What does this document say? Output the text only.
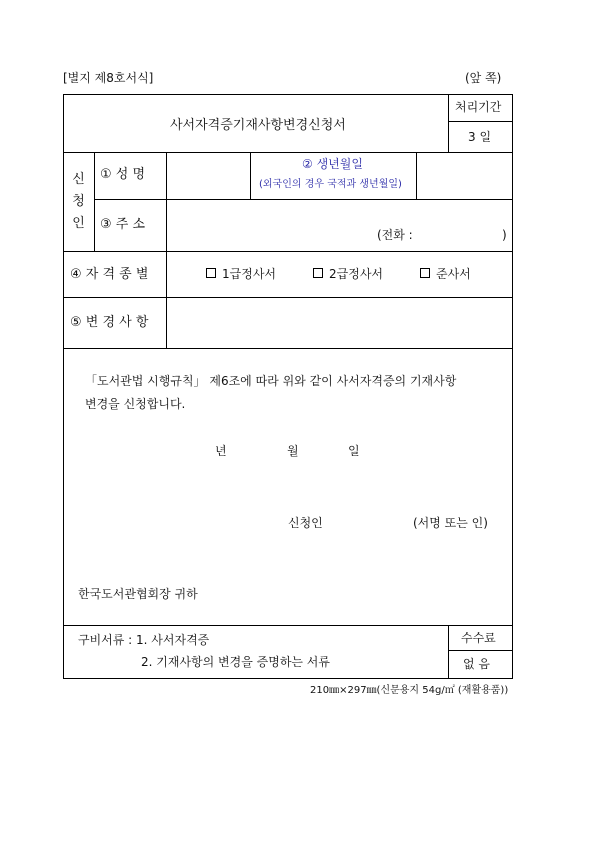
[별지 제8호서식]	(앞 쪽)
사서자격증기재사항변경신청서
처리기간
3 일
신
청
인
① 성 명
② 생년월일
(외국인의 경우 국적과 생년월일)
③ 주 소
(전화 :	)
④ 자 격 종 별	1급정사서	2급정사서	준사서
⑤ 변 경 사 항
「도서관법 시행규칙」 제6조에 따라 위와 같이 사서자격증의 기재사항
변경을 신청합니다.
년	월	일
신청인	(서명 또는 인)
한국도서관협회장 귀하
구비서류 : 1. 사서자격증
2. 기재사항의 변경을 증명하는 서류
수수료
없 음
210㎜×297㎜(신문용지 54g/㎡ (재활용품))
